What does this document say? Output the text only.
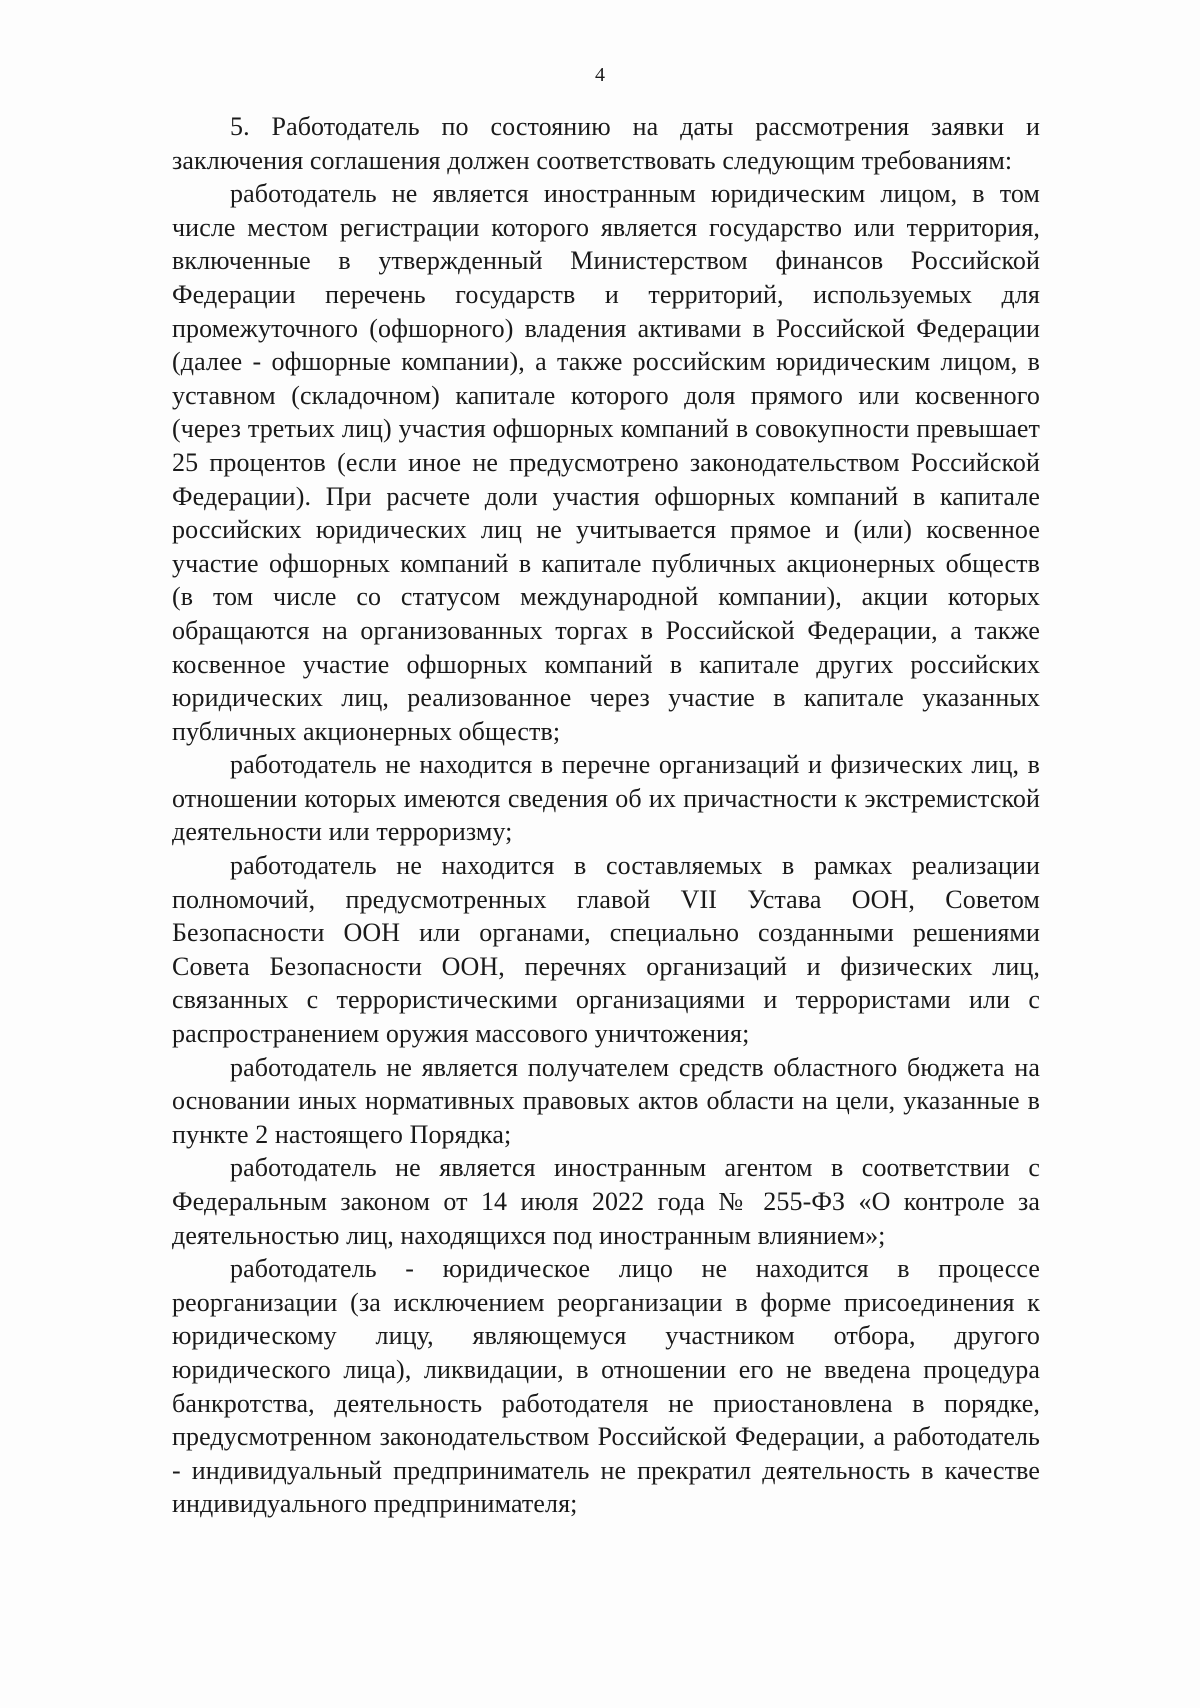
4

5. Работодатель по состоянию на даты рассмотрения заявки и заключения соглашения должен соответствовать следующим требованиям:

работодатель не является иностранным юридическим лицом, в том числе местом регистрации которого является государство или территория, включенные в утвержденный Министерством финансов Российской Федерации перечень государств и территорий, используемых для промежуточного (офшорного) владения активами в Российской Федерации (далее - офшорные компании), а также российским юридическим лицом, в уставном (складочном) капитале которого доля прямого или косвенного (через третьих лиц) участия офшорных компаний в совокупности превышает 25 процентов (если иное не предусмотрено законодательством Российской Федерации). При расчете доли участия офшорных компаний в капитале российских юридических лиц не учитывается прямое и (или) косвенное участие офшорных компаний в капитале публичных акционерных обществ (в том числе со статусом международной компании), акции которых обращаются на организованных торгах в Российской Федерации, а также косвенное участие офшорных компаний в капитале других российских юридических лиц, реализованное через участие в капитале указанных публичных акционерных обществ;

работодатель не находится в перечне организаций и физических лиц, в отношении которых имеются сведения об их причастности к экстремистской деятельности или терроризму;

работодатель не находится в составляемых в рамках реализации полномочий, предусмотренных главой VII Устава ООН, Советом Безопасности ООН или органами, специально созданными решениями Совета Безопасности ООН, перечнях организаций и физических лиц, связанных с террористическими организациями и террористами или с распространением оружия массового уничтожения;

работодатель не является получателем средств областного бюджета на основании иных нормативных правовых актов области на цели, указанные в пункте 2 настоящего Порядка;

работодатель не является иностранным агентом в соответствии с Федеральным законом от 14 июля 2022 года № 255-ФЗ «О контроле за деятельностью лиц, находящихся под иностранным влиянием»;

работодатель - юридическое лицо не находится в процессе реорганизации (за исключением реорганизации в форме присоединения к юридическому лицу, являющемуся участником отбора, другого юридического лица), ликвидации, в отношении его не введена процедура банкротства, деятельность работодателя не приостановлена в порядке, предусмотренном законодательством Российской Федерации, а работодатель - индивидуальный предприниматель не прекратил деятельность в качестве индивидуального предпринимателя;
